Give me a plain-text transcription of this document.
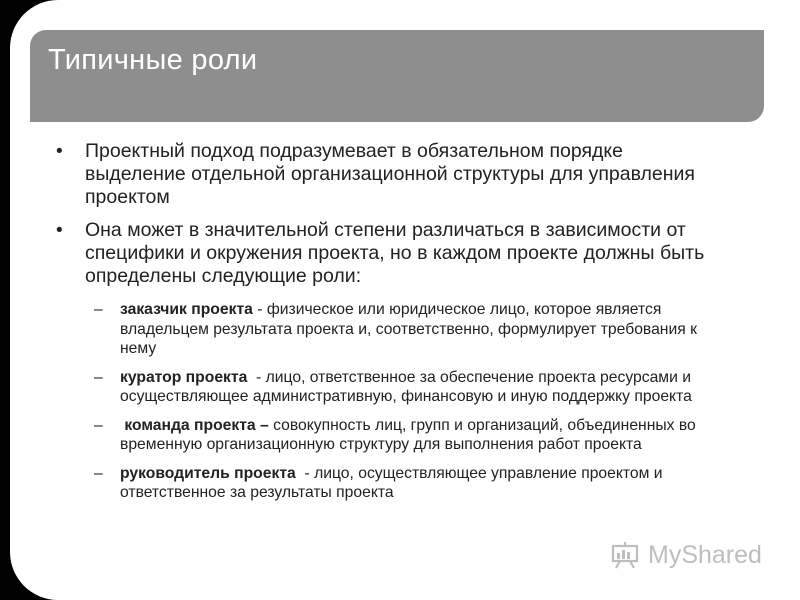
Типичные роли
• Проектный подход подразумевает в обязательном порядке выделение отдельной организационной структуры для управления проектом
• Она может в значительной степени различаться в зависимости от специфики и окружения проекта, но в каждом проекте должны быть определены следующие роли:
– заказчик проекта - физическое или юридическое лицо, которое является владельцем результата проекта и, соответственно, формулирует требования к нему
– куратор проекта  - лицо, ответственное за обеспечение проекта ресурсами и осуществляющее административную, финансовую и иную поддержку проекта
– команда проекта – совокупность лиц, групп и организаций, объединенных во временную организационную структуру для выполнения работ проекта
– руководитель проекта  - лицо, осуществляющее управление проектом и  ответственное за результаты проекта
MyShared
